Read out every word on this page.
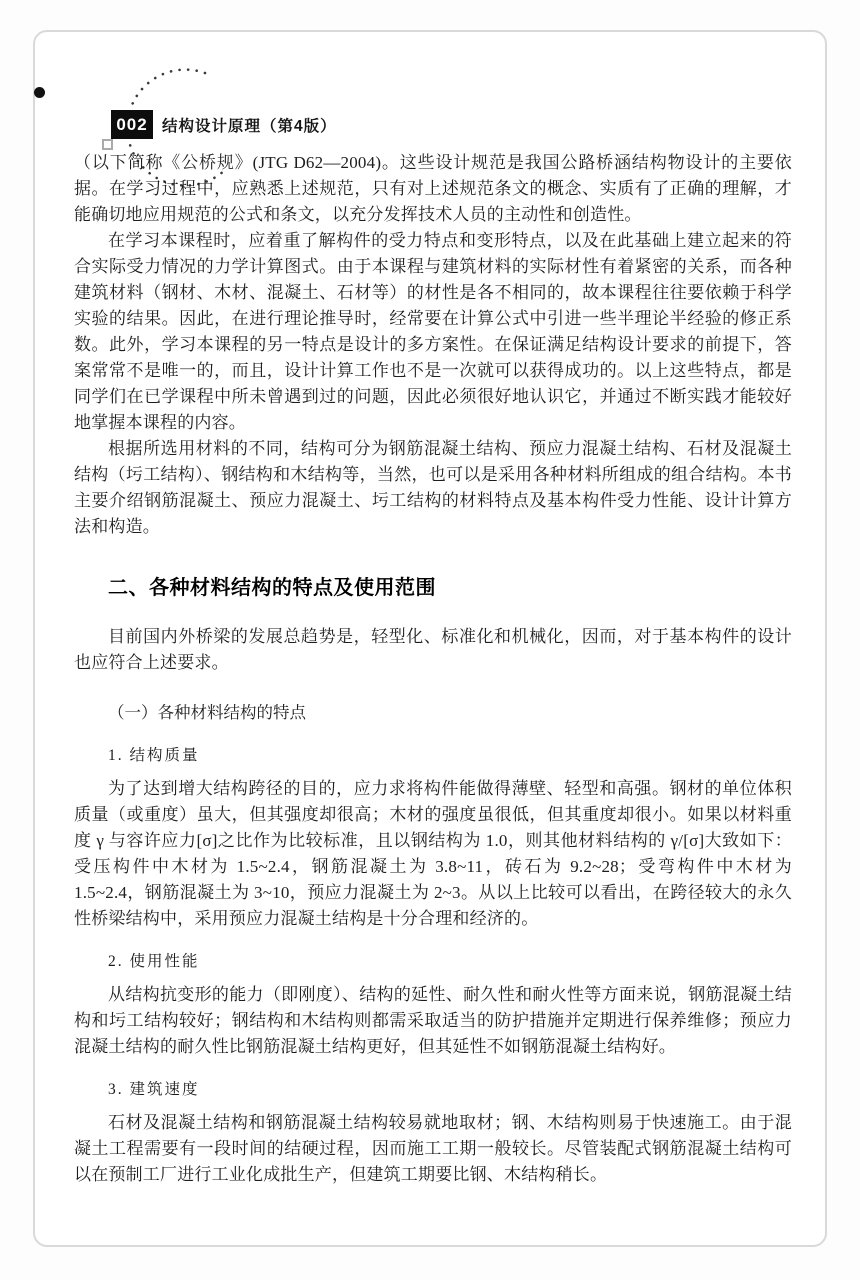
002 结构设计原理（第4版）

（以下简称《公桥规》(JTG D62—2004)。这些设计规范是我国公路桥涵结构物设计的主要依据。在学习过程中，应熟悉上述规范，只有对上述规范条文的概念、实质有了正确的理解，才能确切地应用规范的公式和条文，以充分发挥技术人员的主动性和创造性。

在学习本课程时，应着重了解构件的受力特点和变形特点，以及在此基础上建立起来的符合实际受力情况的力学计算图式。由于本课程与建筑材料的实际材性有着紧密的关系，而各种建筑材料（钢材、木材、混凝土、石材等）的材性是各不相同的，故本课程往往要依赖于科学实验的结果。因此，在进行理论推导时，经常要在计算公式中引进一些半理论半经验的修正系数。此外，学习本课程的另一特点是设计的多方案性。在保证满足结构设计要求的前提下，答案常常不是唯一的，而且，设计计算工作也不是一次就可以获得成功的。以上这些特点，都是同学们在已学课程中所未曾遇到过的问题，因此必须很好地认识它，并通过不断实践才能较好地掌握本课程的内容。

根据所选用材料的不同，结构可分为钢筋混凝土结构、预应力混凝土结构、石材及混凝土结构（圬工结构）、钢结构和木结构等，当然，也可以是采用各种材料所组成的组合结构。本书主要介绍钢筋混凝土、预应力混凝土、圬工结构的材料特点及基本构件受力性能、设计计算方法和构造。

二、各种材料结构的特点及使用范围

目前国内外桥梁的发展总趋势是，轻型化、标准化和机械化，因而，对于基本构件的设计也应符合上述要求。

（一）各种材料结构的特点
1. 结构质量

为了达到增大结构跨径的目的，应力求将构件能做得薄壁、轻型和高强。钢材的单位体积质量（或重度）虽大，但其强度却很高；木材的强度虽很低，但其重度却很小。如果以材料重度 γ 与容许应力[σ]之比作为比较标准，且以钢结构为 1.0，则其他材料结构的 γ/[σ]大致如下：受压构件中木材为 1.5~2.4，钢筋混凝土为 3.8~11，砖石为 9.2~28；受弯构件中木材为 1.5~2.4，钢筋混凝土为 3~10，预应力混凝土为 2~3。从以上比较可以看出，在跨径较大的永久性桥梁结构中，采用预应力混凝土结构是十分合理和经济的。

2. 使用性能

从结构抗变形的能力（即刚度）、结构的延性、耐久性和耐火性等方面来说，钢筋混凝土结构和圬工结构较好；钢结构和木结构则都需采取适当的防护措施并定期进行保养维修；预应力混凝土结构的耐久性比钢筋混凝土结构更好，但其延性不如钢筋混凝土结构好。

3. 建筑速度

石材及混凝土结构和钢筋混凝土结构较易就地取材；钢、木结构则易于快速施工。由于混凝土工程需要有一段时间的结硬过程，因而施工工期一般较长。尽管装配式钢筋混凝土结构可以在预制工厂进行工业化成批生产，但建筑工期要比钢、木结构稍长。
